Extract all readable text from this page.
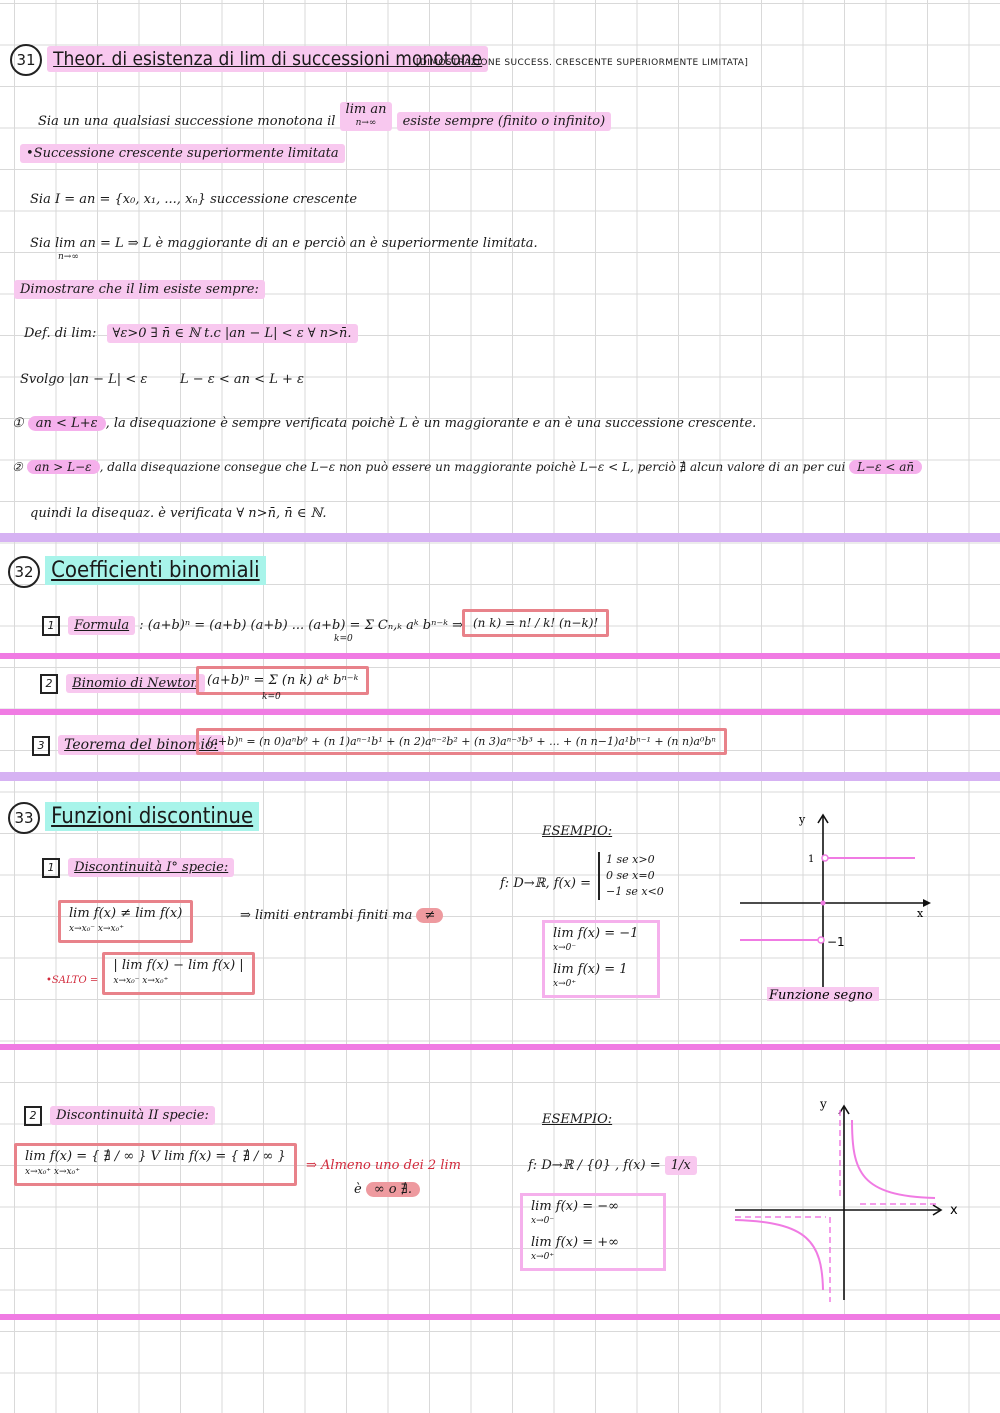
31 Theor. di esistenza di lim di successioni monotone
[DIMOSTRAZIONE SUCCESS. CRESCENTE SUPERIORMENTE LIMITATA]
Sia un una qualsiasi successione monotona il lim an
n→∞ esiste sempre (finito o infinito)
•Successione crescente superiormente limitata
Sia I = an = {x₀, x₁, ..., xₙ} successione crescente
Sia lim an = L ⇒ L è maggiorante di an e perciò an è superiormente limitata.
n→∞
Dimostrare che il lim esiste sempre:
Def. di lim: ∀ε>0 ∃ n̄ ∈ ℕ t.c |an − L| < ε ∀ n>n̄.
Svolgo |an − L| < ε	L − ε < an < L + ε
① an < L+ε , la disequazione è sempre verificata poichè L è un maggiorante e an è una successione crescente.
② an > L−ε , dalla disequazione consegue che L−ε non può essere un maggiorante poichè L−ε < L, perciò ∄ alcun valore di an per cui L−ε < an̄
quindi la disequaz. è verificata ∀ n>n̄, n̄ ∈ ℕ.
32 Coefficienti binomiali
1 Formula : (a+b)ⁿ = (a+b) (a+b) ... (a+b) = Σ Cₙ,ₖ aᵏ bⁿ⁻ᵏ ⇒
k=0
(n k) = n! / k! (n−k)!
2 Binomio di Newton (a+b)ⁿ = Σ (n k) aᵏ bⁿ⁻ᵏ
k=0
3 Teorema del binomio:
(a+b)ⁿ = (n 0)aⁿb⁰ + (n 1)aⁿ⁻¹b¹ + (n 2)aⁿ⁻²b² + (n 3)aⁿ⁻³b³ + ... + (n n−1)a¹bⁿ⁻¹ + (n n)a⁰bⁿ
33 Funzioni discontinue
1 Discontinuità I° specie:
lim f(x) ≠ lim f(x)
x→x₀⁻ x→x₀⁺
⇒ limiti entrambi finiti ma ≠
•SALTO = | lim f(x) − lim f(x) |
x→x₀⁻ x→x₀⁺
ESEMPIO:
f: D→ℝ, f(x) =
1 se x>0
0 se x=0
−1 se x<0
lim f(x) = −1
x→0⁻
lim f(x) = 1
x→0⁺
x
y
1
−1
Funzione segno
2 Discontinuità II specie:
lim f(x) = { ∄ / ∞ } V lim f(x) = { ∄ / ∞ }
x→x₀⁺ x→x₀⁺	⇒ Almeno uno dei 2 lim
è ∞ o ∄.
ESEMPIO:
f: D→ℝ / {0} , f(x) = 1/x
lim f(x) = −∞
x→0⁻
lim f(x) = +∞
x→0⁺
x
y
